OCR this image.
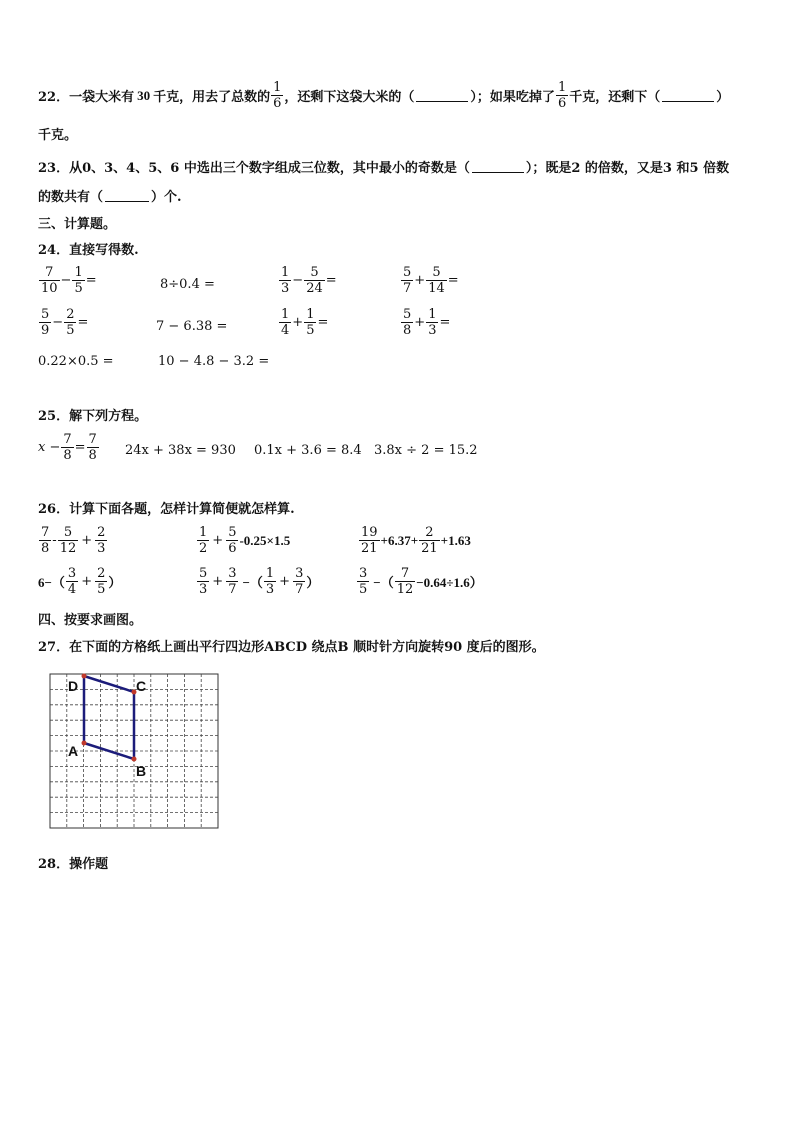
22． 一袋大米有 30 千克，用去了总数的 $\frac{1}{6}$ ，还剩下这袋大米的（	）；如果吃掉了 $\frac{1}{6}$ 千克，还剩下（	）
千克。
23． 从0、3、4、5、6 中选出三个数字组成三位数，其中最小的奇数是（	）；既是2 的倍数，又是3 和5 倍数
的数共有（	）个.
三、计算题。
24．直接写得数.
$\frac{7}{10} - \frac{1}{5}$ =	8÷0.4 =	$\frac{1}{3} - \frac{5}{24}$ =	$\frac{5}{7} + \frac{5}{14}$ =
$\frac{5}{9} - \frac{2}{5}$ =	7 − 6.38 =	$\frac{1}{4} + \frac{1}{5}$ =	$\frac{5}{8} + \frac{1}{3}$ =
0.22×0.5 =	10 − 4.8 − 3.2 =
25．解下列方程。
$x - \frac{7}{8} = \frac{7}{8} 24x + 38x = 930$ 0.1x + 3.6 = 8.4 3.8x ÷ 2 = 15.2
26．计算下面各题，怎样计算简便就怎样算.
$\frac{7}{8} - \frac{5}{12} + \frac{2}{3}$	$\frac{1}{2} + \frac{5}{6} -0.25\times 1.5$	$\frac{19}{21} +6.37+ \frac{2}{21} +1.63$
$6-( \frac{3}{4} + \frac{2}{5}$ ）	$\frac{5}{3} + \frac{3}{7}$ −（ $\frac{1}{3} + \frac{3}{7}$ ）	$\frac{3}{5}$ −（ $\frac{7}{12} -0.64\div 1.6$）
四、按要求画图。
27．在下面的方格纸上画出平行四边形ABCD 绕点B 顺时针方向旋转90 度后的图形。
D	C
A
B
28．操作题
